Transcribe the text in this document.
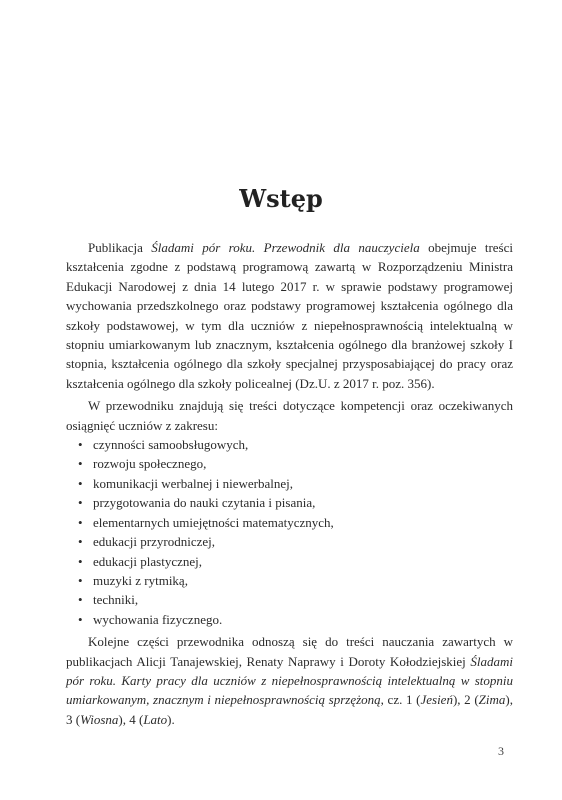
Wstęp

Publikacja Śladami pór roku. Przewodnik dla nauczyciela obejmuje treści kształcenia zgodne z podstawą programową zawartą w Rozporządzeniu Ministra Edukacji Narodowej z dnia 14 lutego 2017 r. w sprawie podstawy programowej wychowania przedszkolnego oraz podstawy programowej kształcenia ogólnego dla szkoły podstawowej, w tym dla uczniów z niepełnosprawnością intelektualną w stopniu umiarkowanym lub znacznym, kształcenia ogólnego dla branżowej szkoły I stopnia, kształcenia ogólnego dla szkoły specjalnej przysposabiającej do pracy oraz kształcenia ogólnego dla szkoły policealnej (Dz.U. z 2017 r. poz. 356).

W przewodniku znajdują się treści dotyczące kompetencji oraz oczekiwanych osiągnięć uczniów z zakresu:

• czynności samoobsługowych,
• rozwoju społecznego,
• komunikacji werbalnej i niewerbalnej,
• przygotowania do nauki czytania i pisania,
• elementarnych umiejętności matematycznych,
• edukacji przyrodniczej,
• edukacji plastycznej,
• muzyki z rytmiką,
• techniki,
• wychowania fizycznego.

Kolejne części przewodnika odnoszą się do treści nauczania zawartych w publikacjach Alicji Tanajewskiej, Renaty Naprawy i Doroty Kołodziejskiej Śladami pór roku. Karty pracy dla uczniów z niepełnosprawnością intelektualną w stopniu umiarkowanym, znacznym i niepełnosprawnością sprzężoną, cz. 1 (Jesień), 2 (Zima), 3 (Wiosna), 4 (Lato).

3
